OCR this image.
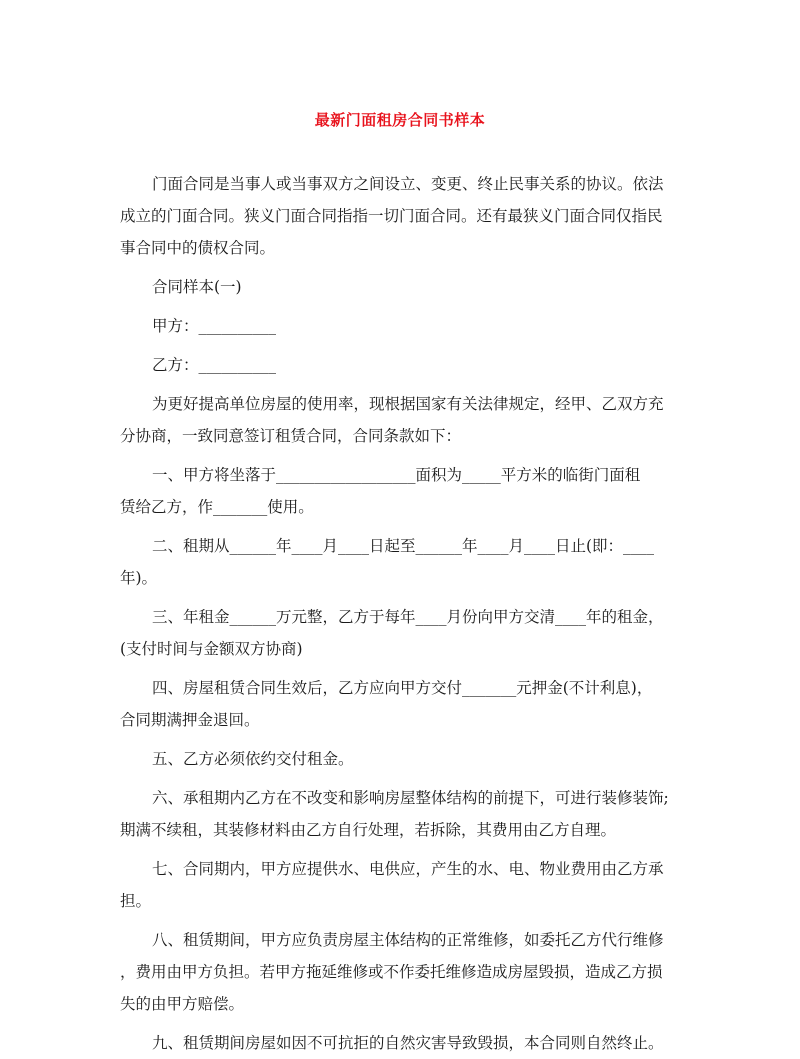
最新门面租房合同书样本
门面合同是当事人或当事双方之间设立、变更、终止民事关系的协议。依法
成立的门面合同。狭义门面合同指指一切门面合同。还有最狭义门面合同仅指民
事合同中的债权合同。
合同样本(一)
甲方：__________
乙方：__________
为更好提高单位房屋的使用率，现根据国家有关法律规定，经甲、乙双方充
分协商，一致同意签订租赁合同，合同条款如下：
一、甲方将坐落于__________________面积为_____平方米的临街门面租
赁给乙方，作_______使用。
二、租期从______年____月____日起至______年____月____日止(即：____
年)。
三、年租金______万元整，乙方于每年____月份向甲方交清____年的租金，
(支付时间与金额双方协商)
四、房屋租赁合同生效后，乙方应向甲方交付_______元押金(不计利息)，
合同期满押金退回。
五、乙方必须依约交付租金。
六、承租期内乙方在不改变和影响房屋整体结构的前提下，可进行装修装饰;
期满不续租，其装修材料由乙方自行处理，若拆除，其费用由乙方自理。
七、合同期内，甲方应提供水、电供应，产生的水、电、物业费用由乙方承
担。
八、租赁期间，甲方应负责房屋主体结构的正常维修，如委托乙方代行维修
，费用由甲方负担。若甲方拖延维修或不作委托维修造成房屋毁损，造成乙方损
失的由甲方赔偿。
九、租赁期间房屋如因不可抗拒的自然灾害导致毁损，本合同则自然终止。
